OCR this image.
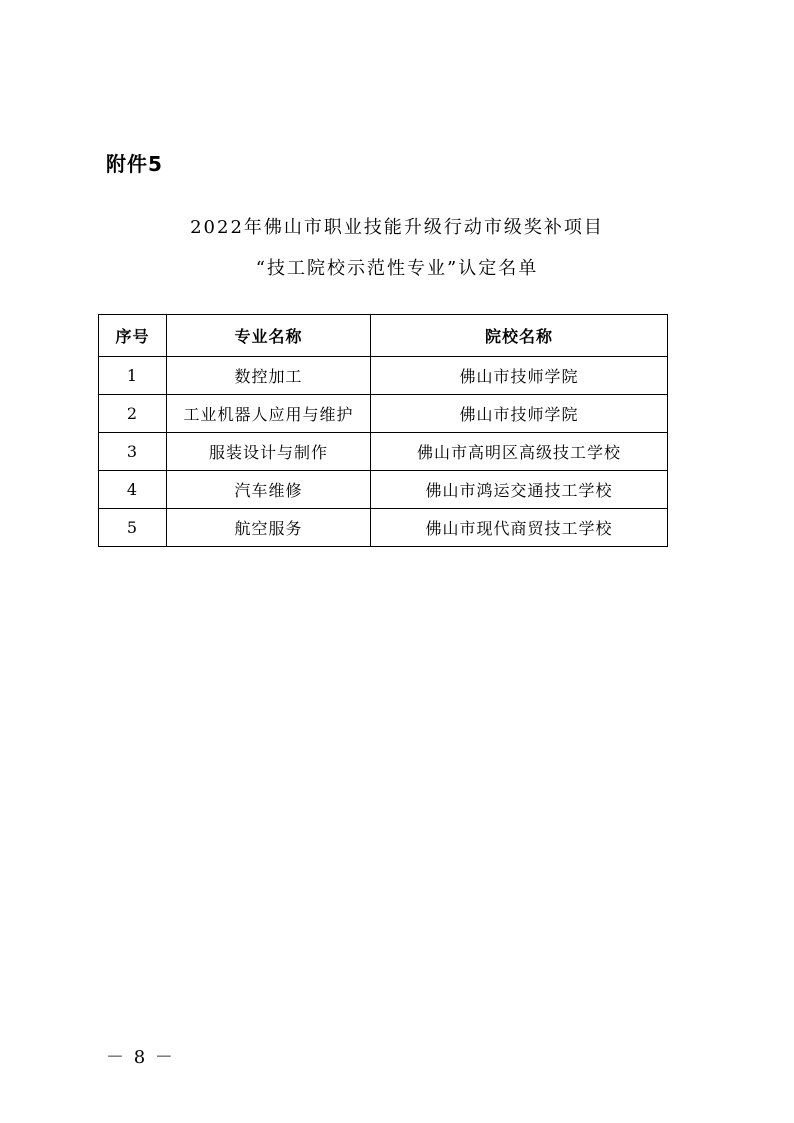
附件5
2022年佛山市职业技能升级行动市级奖补项目
“技工院校示范性专业”认定名单
序号	专业名称	院校名称
1	数控加工	佛山市技师学院
2	工业机器人应用与维护	佛山市技师学院
3	服装设计与制作	佛山市高明区高级技工学校
4	汽车维修	佛山市鸿运交通技工学校
5	航空服务	佛山市现代商贸技工学校
－ 8 －
